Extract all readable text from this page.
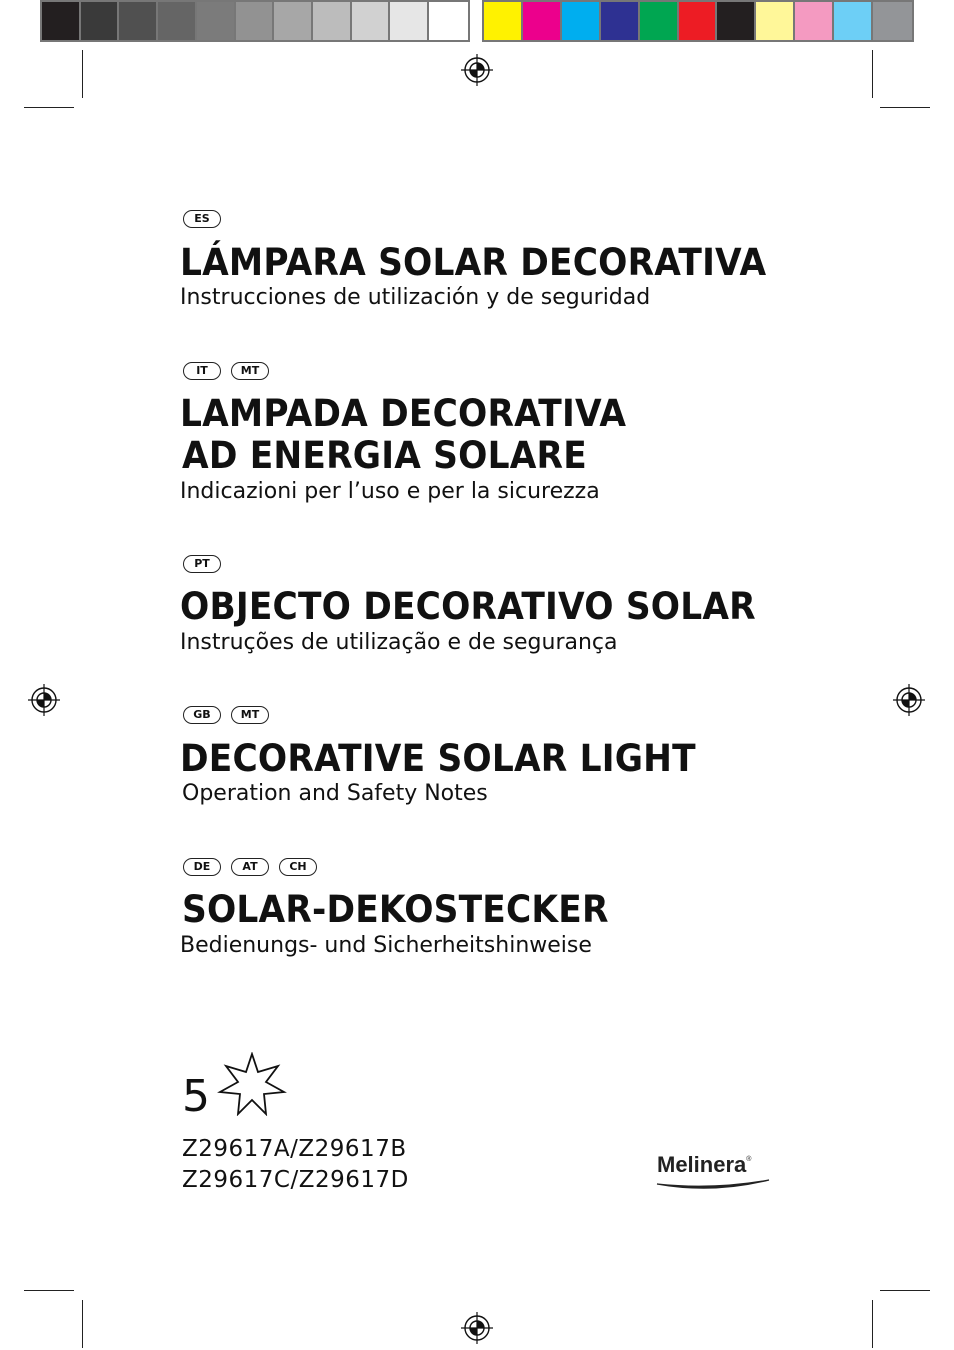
ES
LÁMPARA SOLAR DECORATIVA
Instrucciones de utilización y de seguridad
IT	MT
LAMPADA DECORATIVA
AD ENERGIA SOLARE
Indicazioni per l’uso e per la sicurezza
PT
OBJECTO DECORATIVO SOLAR
Instruções de utilização e de segurança
GB	MT
DECORATIVE SOLAR LIGHT
Operation and Safety Notes
DE	AT	CH
SOLAR-DEKOSTECKER
Bedienungs- und Sicherheitshinweise
5
Z29617A/Z29617B
Z29617C/Z29617D
Melinera®
